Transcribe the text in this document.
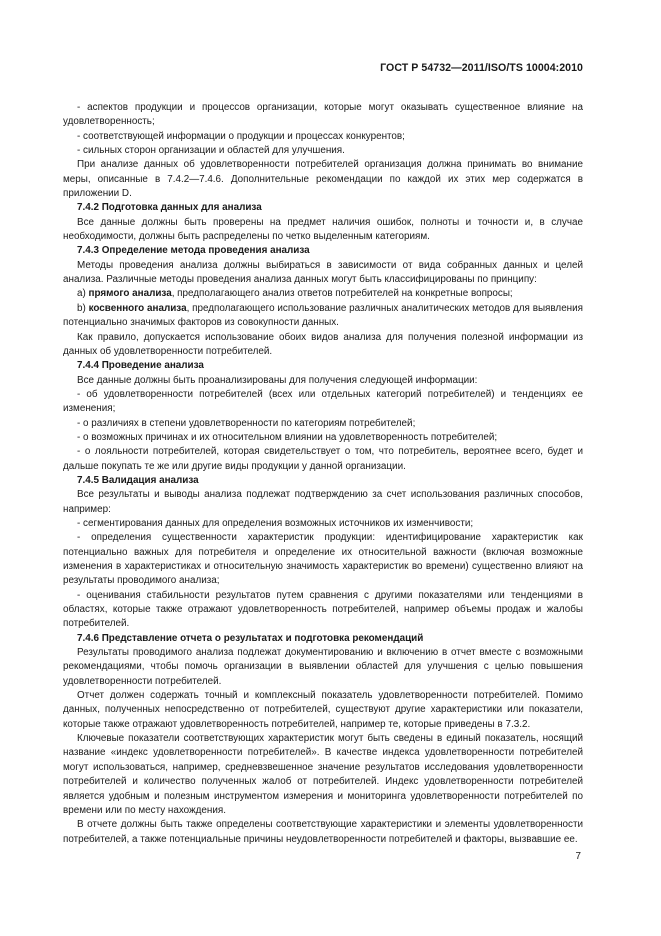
ГОСТ Р 54732—2011/ISO/TS 10004:2010

- аспектов продукции и процессов организации, которые могут оказывать существенное влияние на удовлетворенность;

- соответствующей информации о продукции и процессах конкурентов;

- сильных сторон организации и областей для улучшения.

При анализе данных об удовлетворенности потребителей организация должна принимать во внимание меры, описанные в 7.4.2—7.4.6. Дополнительные рекомендации по каждой их этих мер содержатся в приложении D.

7.4.2 Подготовка данных для анализа

Все данные должны быть проверены на предмет наличия ошибок, полноты и точности и, в случае необходимости, должны быть распределены по четко выделенным категориям.

7.4.3 Определение метода проведения анализа

Методы проведения анализа должны выбираться в зависимости от вида собранных данных и целей анализа. Различные методы проведения анализа данных могут быть классифицированы по принципу:

a) прямого анализа, предполагающего анализ ответов потребителей на конкретные вопросы;

b) косвенного анализа, предполагающего использование различных аналитических методов для выявления потенциально значимых факторов из совокупности данных.

Как правило, допускается использование обоих видов анализа для получения полезной информации из данных об удовлетворенности потребителей.

7.4.4 Проведение анализа

Все данные должны быть проанализированы для получения следующей информации:

- об удовлетворенности потребителей (всех или отдельных категорий потребителей) и тенденциях ее изменения;

- о различиях в степени удовлетворенности по категориям потребителей;

- о возможных причинах и их относительном влиянии на удовлетворенность потребителей;

- о лояльности потребителей, которая свидетельствует о том, что потребитель, вероятнее всего, будет и дальше покупать те же или другие виды продукции у данной организации.

7.4.5 Валидация анализа

Все результаты и выводы анализа подлежат подтверждению за счет использования различных способов, например:

- сегментирования данных для определения возможных источников их изменчивости;

- определения существенности характеристик продукции: идентифицирование характеристик как потенциально важных для потребителя и определение их относительной важности (включая возможные изменения в характеристиках и относительную значимость характеристик во времени) существенно влияют на результаты проводимого анализа;

- оценивания стабильности результатов путем сравнения с другими показателями или тенденциями в областях, которые также отражают удовлетворенность потребителей, например объемы продаж и жалобы потребителей.

7.4.6 Представление отчета о результатах и подготовка рекомендаций

Результаты проводимого анализа подлежат документированию и включению в отчет вместе с возможными рекомендациями, чтобы помочь организации в выявлении областей для улучшения с целью повышения удовлетворенности потребителей.

Отчет должен содержать точный и комплексный показатель удовлетворенности потребителей. Помимо данных, полученных непосредственно от потребителей, существуют другие характеристики или показатели, которые также отражают удовлетворенность потребителей, например те, которые приведены в 7.3.2.

Ключевые показатели соответствующих характеристик могут быть сведены в единый показатель, носящий название «индекс удовлетворенности потребителей». В качестве индекса удовлетворенности потребителей могут использоваться, например, средневзвешенное значение результатов исследования удовлетворенности потребителей и количество полученных жалоб от потребителей. Индекс удовлетворенности потребителей является удобным и полезным инструментом измерения и мониторинга удовлетворенности потребителей по времени или по месту нахождения.

В отчете должны быть также определены соответствующие характеристики и элементы удовлетворенности потребителей, а также потенциальные причины неудовлетворенности потребителей и факторы, вызвавшие ее.

7
